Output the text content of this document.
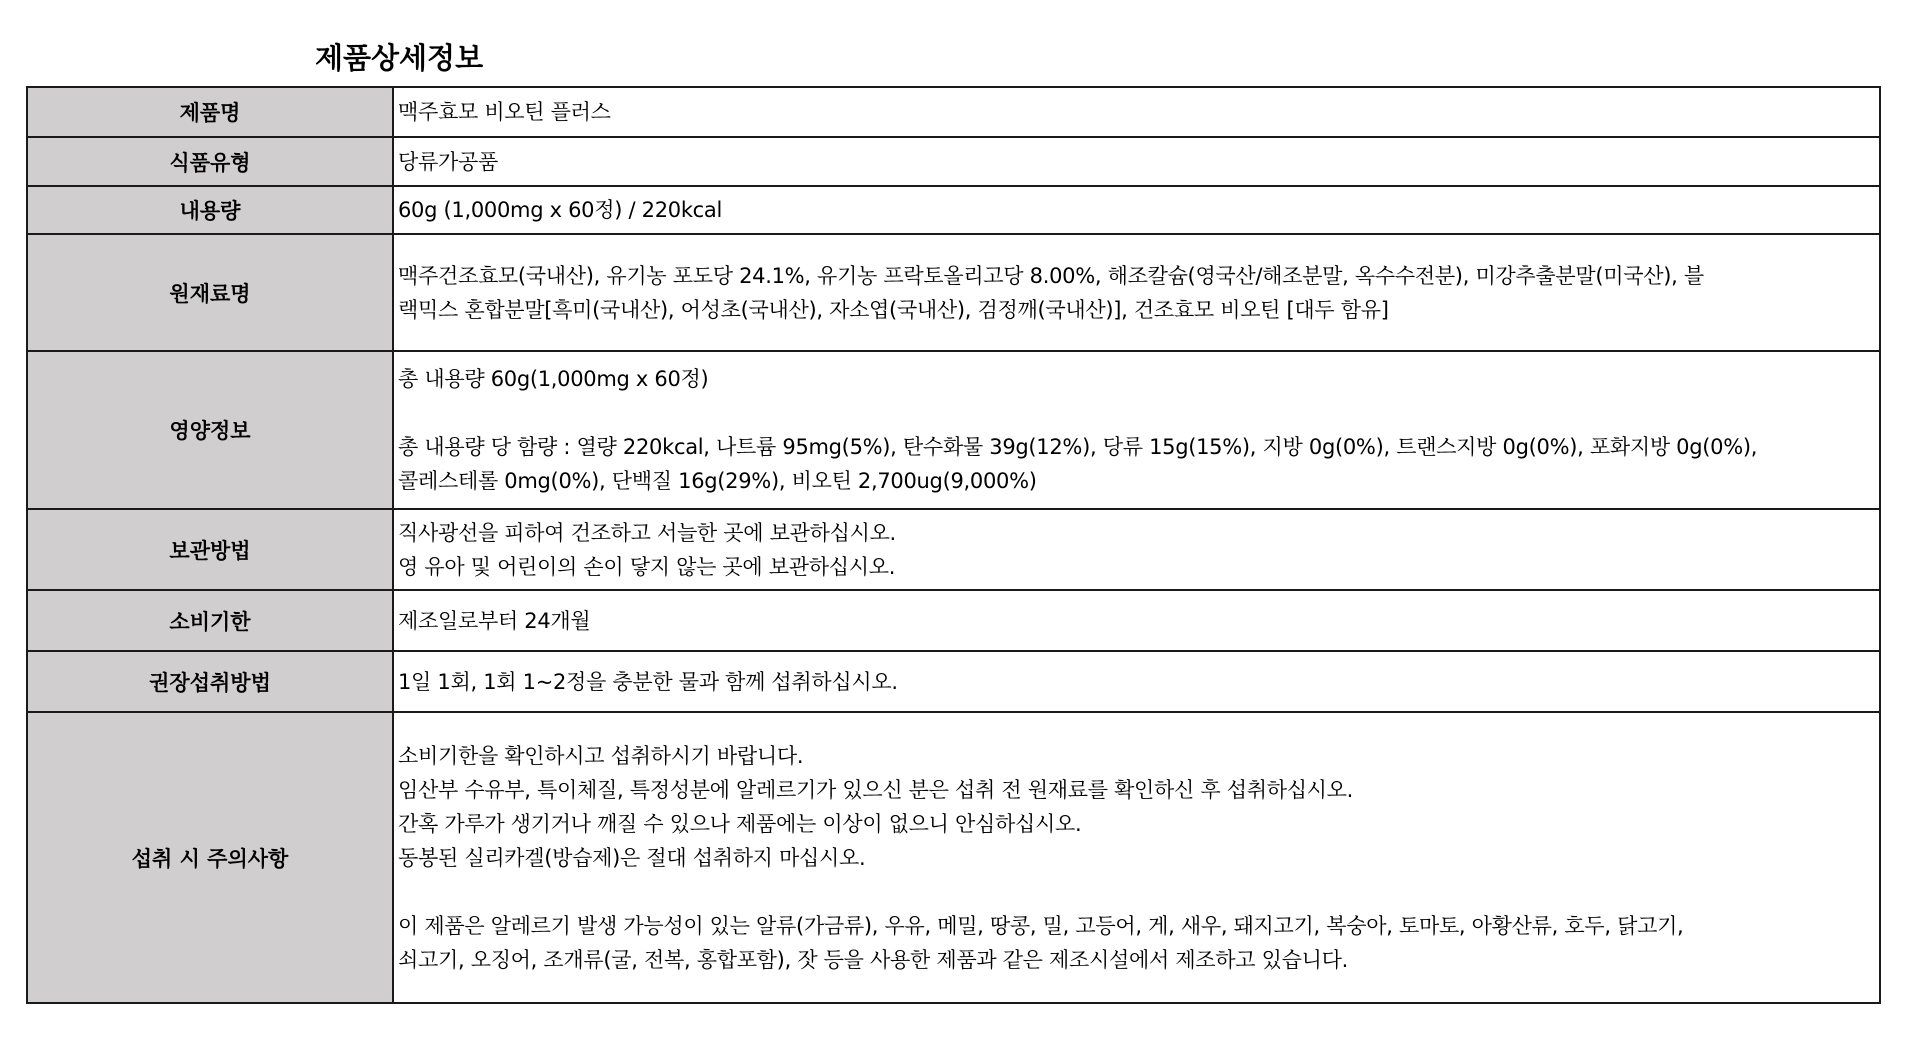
제품상세정보
제품명	맥주효모 비오틴 플러스

식품유형	당류가공품

내용량	60g (1,000mg x 60정) / 220kcal

원재료명	맥주건조효모(국내산), 유기농 포도당 24.1%, 유기농 프락토올리고당 8.00%, 해조칼슘(영국산/해조분말, 옥수수전분), 미강추출분말(미국산), 블
랙믹스 혼합분말[흑미(국내산), 어성초(국내산), 자소엽(국내산), 검정깨(국내산)], 건조효모 비오틴 [대두 함유]

영양정보	총 내용량 60g(1,000mg x 60정)
총 내용량 당 함량 : 열량 220kcal, 나트륨 95mg(5%), 탄수화물 39g(12%), 당류 15g(15%), 지방 0g(0%), 트랜스지방 0g(0%), 포화지방 0g(0%),
콜레스테롤 0mg(0%), 단백질 16g(29%), 비오틴 2,700ug(9,000%)

보관방법	직사광선을 피하여 건조하고 서늘한 곳에 보관하십시오.
영 유아 및 어린이의 손이 닿지 않는 곳에 보관하십시오.

소비기한	제조일로부터 24개월

권장섭취방법	1일 1회, 1회 1~2정을 충분한 물과 함께 섭취하십시오.

섭취 시 주의사항	
소비기한을 확인하시고 섭취하시기 바랍니다.
임산부 수유부, 특이체질, 특정성분에 알레르기가 있으신 분은 섭취 전 원재료를 확인하신 후 섭취하십시오.
간혹 가루가 생기거나 깨질 수 있으나 제품에는 이상이 없으니 안심하십시오.
동봉된 실리카겔(방습제)은 절대 섭취하지 마십시오.
이 제품은 알레르기 발생 가능성이 있는 알류(가금류), 우유, 메밀, 땅콩, 밀, 고등어, 게, 새우, 돼지고기, 복숭아, 토마토, 아황산류, 호두, 닭고기,
쇠고기, 오징어, 조개류(굴, 전복, 홍합포함), 잣 등을 사용한 제품과 같은 제조시설에서 제조하고 있습니다.
